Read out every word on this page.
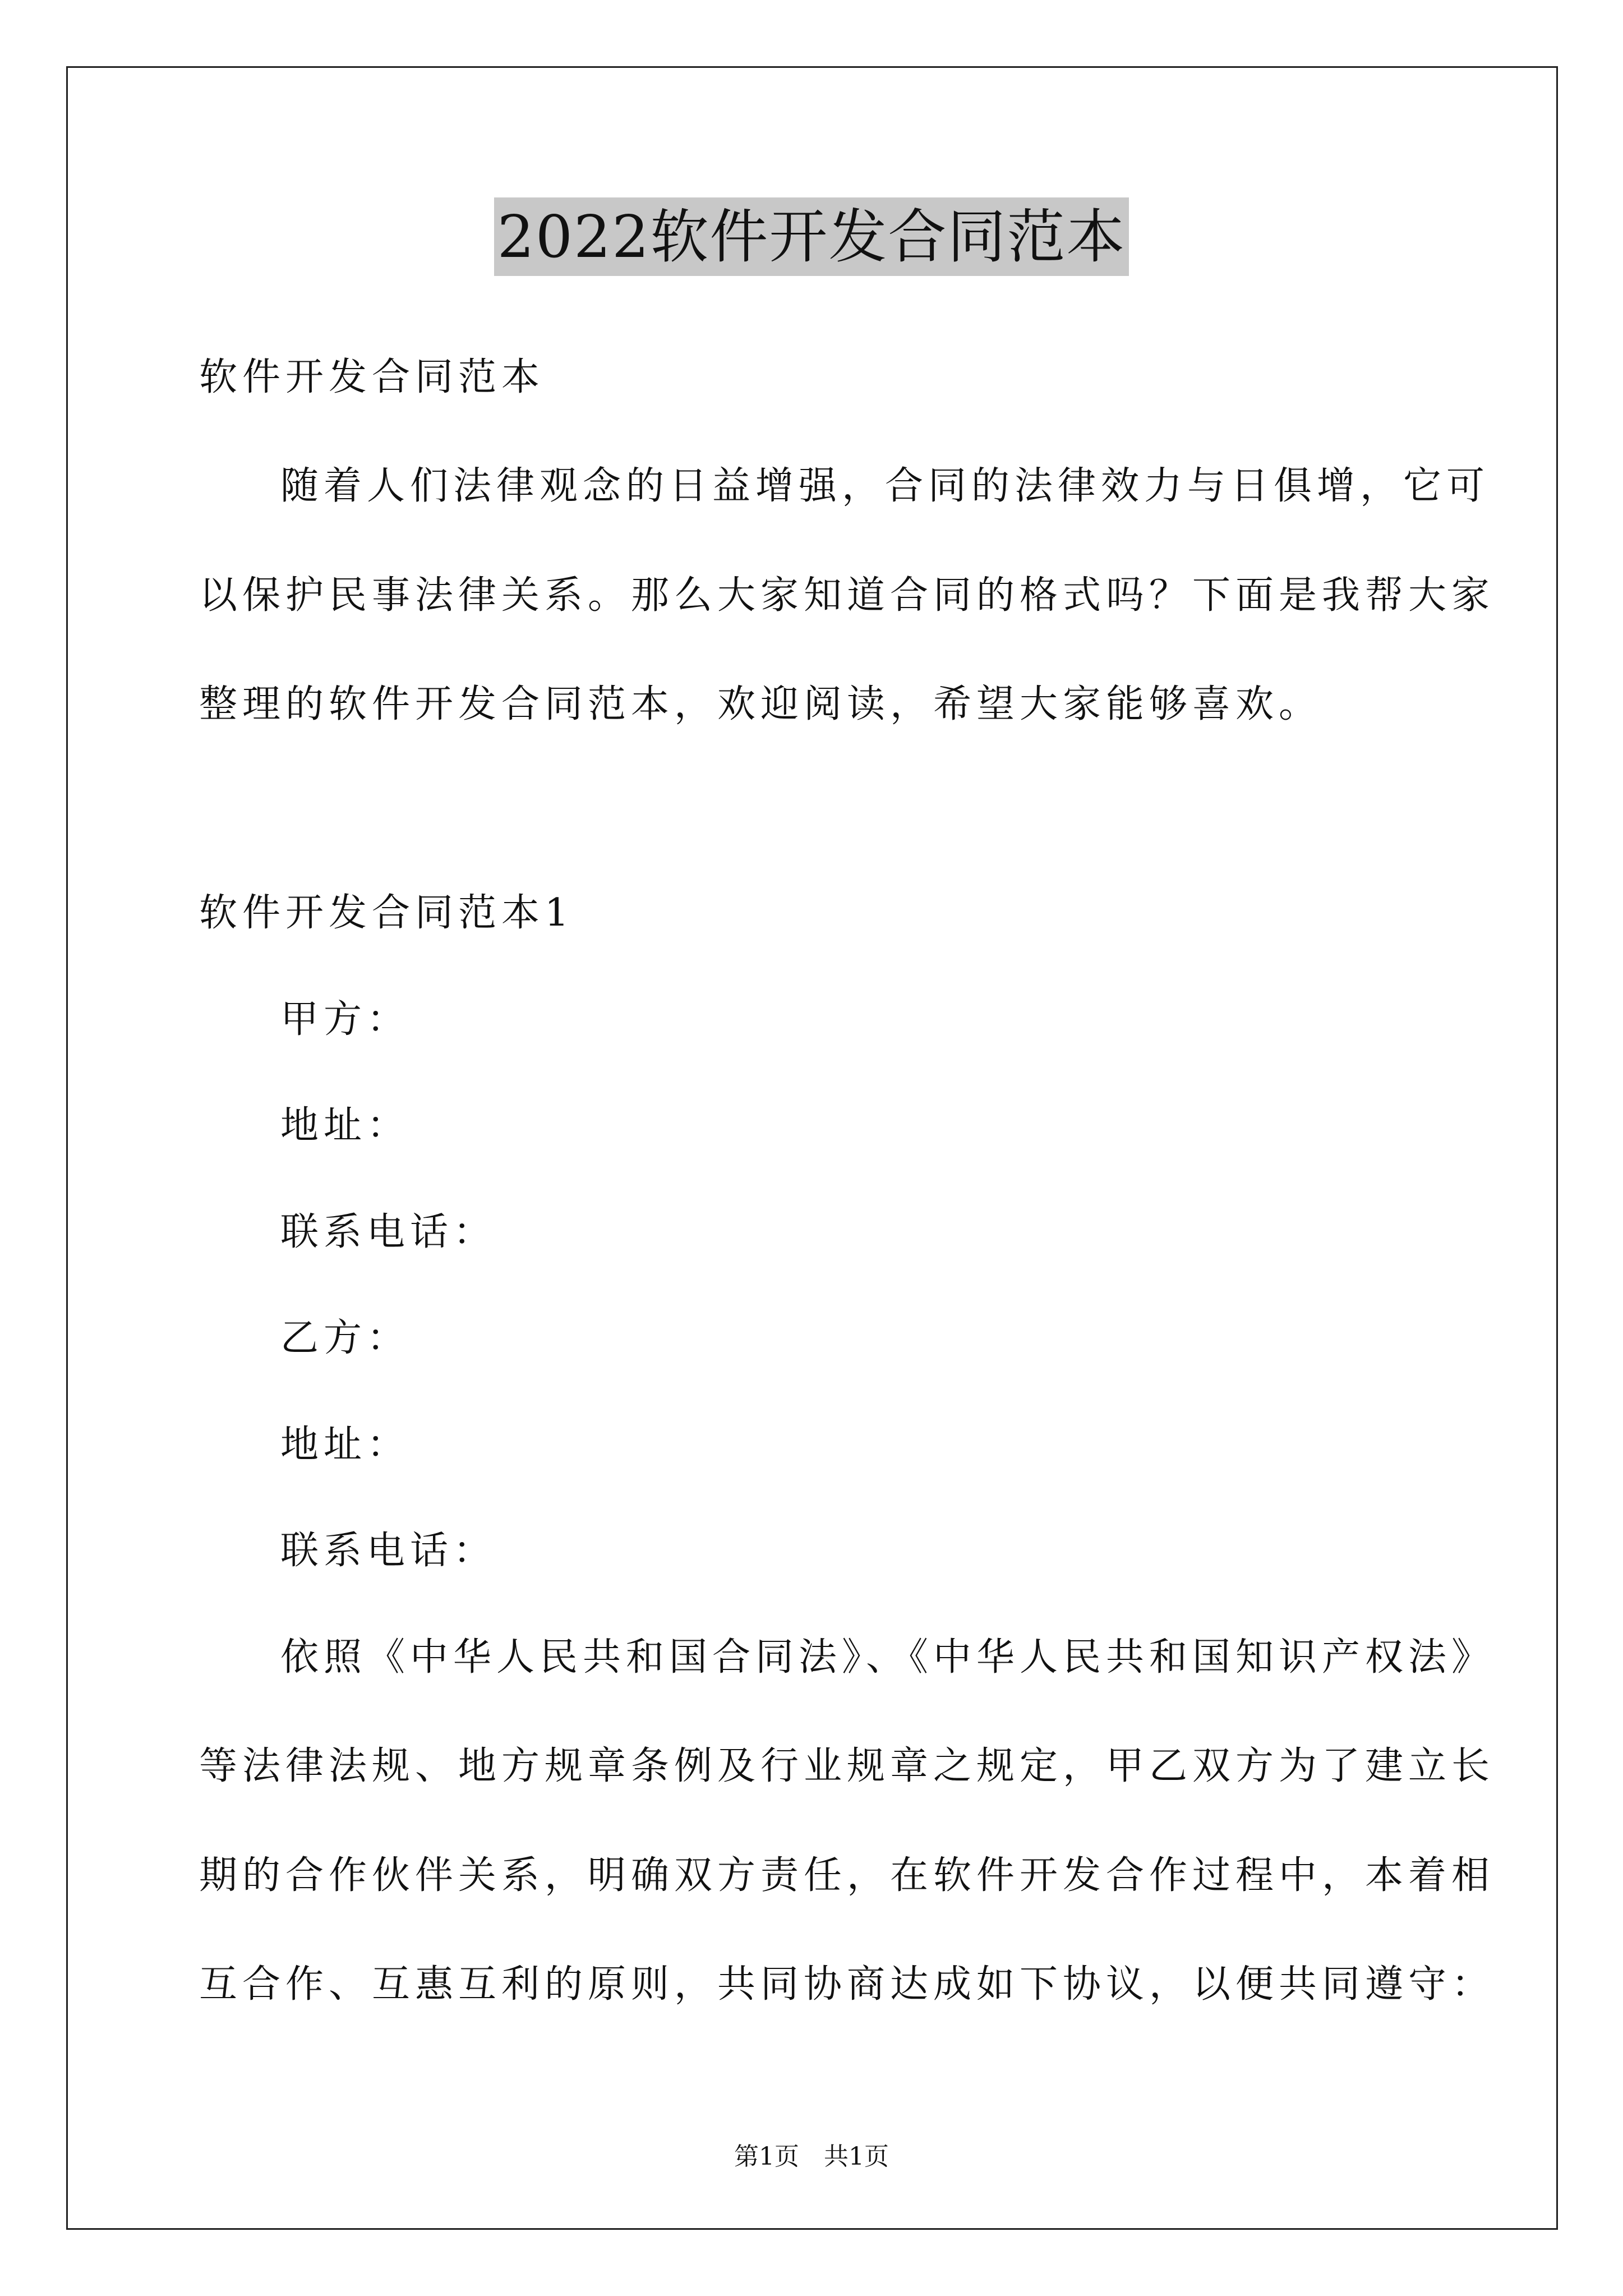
2022软件开发合同范本
软件开发合同范本
随着人们法律观念的日益增强，合同的法律效力与日俱增，它可
以保护民事法律关系。那么大家知道合同的格式吗？下面是我帮大家
整理的软件开发合同范本，欢迎阅读，希望大家能够喜欢。
软件开发合同范本1
甲方：
地址：
联系电话：
乙方：
地址：
联系电话：
依照《中华人民共和国合同法》、《中华人民共和国知识产权法》
等法律法规、地方规章条例及行业规章之规定，甲乙双方为了建立长
期的合作伙伴关系，明确双方责任，在软件开发合作过程中，本着相
互合作、互惠互利的原则，共同协商达成如下协议，以便共同遵守：
第1页 共1页
